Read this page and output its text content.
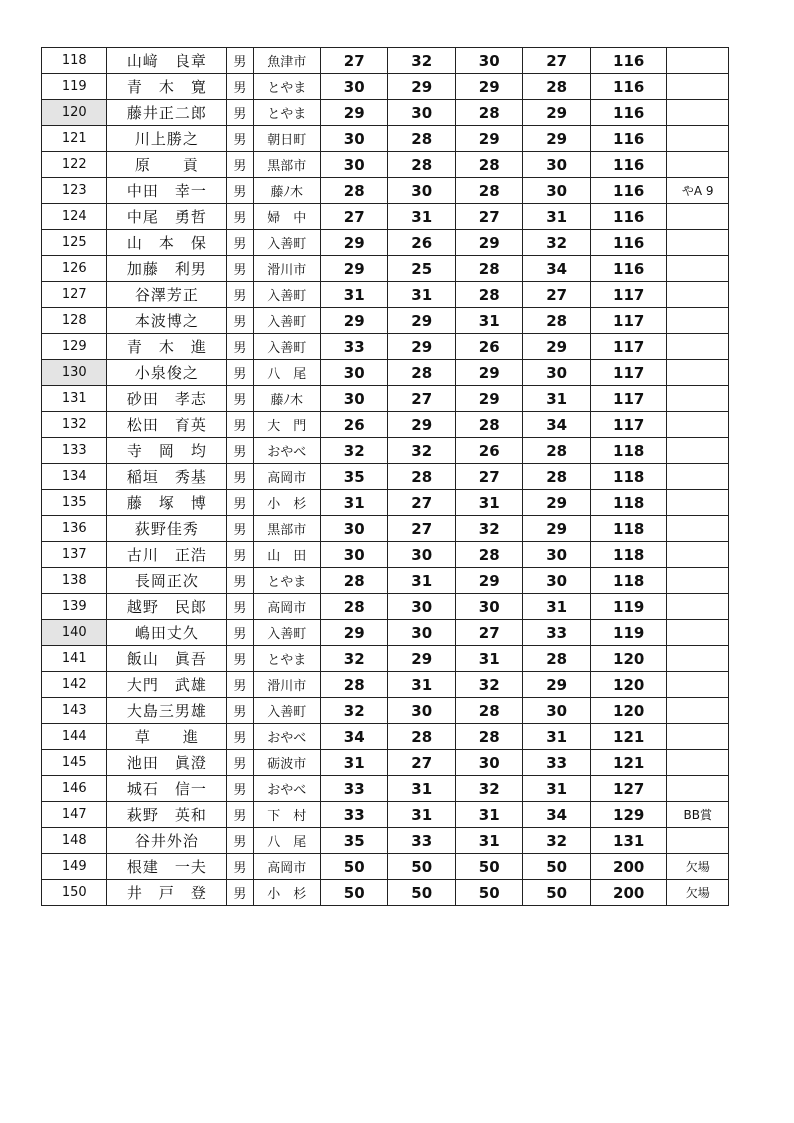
118	山﨑　良章	男	魚津市	27	32	30	27	116	
119	青　木　寛	男	とやま	30	29	29	28	116	
120	藤井正二郎	男	とやま	29	30	28	29	116	
121	川上勝之	男	朝日町	30	28	29	29	116	
122	原　　貢	男	黒部市	30	28	28	30	116	
123	中田　幸一	男	藤ﾉ木	28	30	28	30	116	やA 9
124	中尾　勇哲	男	婦　中	27	31	27	31	116	
125	山　本　保	男	入善町	29	26	29	32	116	
126	加藤　利男	男	滑川市	29	25	28	34	116	
127	谷澤芳正	男	入善町	31	31	28	27	117	
128	本波博之	男	入善町	29	29	31	28	117	
129	青　木　進	男	入善町	33	29	26	29	117	
130	小泉俊之	男	八　尾	30	28	29	30	117	
131	砂田　孝志	男	藤ﾉ木	30	27	29	31	117	
132	松田　育英	男	大　門	26	29	28	34	117	
133	寺　岡　均	男	おやべ	32	32	26	28	118	
134	稲垣　秀基	男	高岡市	35	28	27	28	118	
135	藤　塚　博	男	小　杉	31	27	31	29	118	
136	荻野佳秀	男	黒部市	30	27	32	29	118	
137	古川　正浩	男	山　田	30	30	28	30	118	
138	長岡正次	男	とやま	28	31	29	30	118	
139	越野　民郎	男	高岡市	28	30	30	31	119	
140	嶋田丈久	男	入善町	29	30	27	33	119	
141	飯山　眞吾	男	とやま	32	29	31	28	120	
142	大門　武雄	男	滑川市	28	31	32	29	120	
143	大島三男雄	男	入善町	32	30	28	30	120	
144	草　　進	男	おやべ	34	28	28	31	121	
145	池田　眞澄	男	砺波市	31	27	30	33	121	
146	城石　信一	男	おやべ	33	31	32	31	127	
147	萩野　英和	男	下　村	33	31	31	34	129	BB賞
148	谷井外治	男	八　尾	35	33	31	32	131	
149	根建　一夫	男	高岡市	50	50	50	50	200	欠場
150	井　戸　登	男	小　杉	50	50	50	50	200	欠場
